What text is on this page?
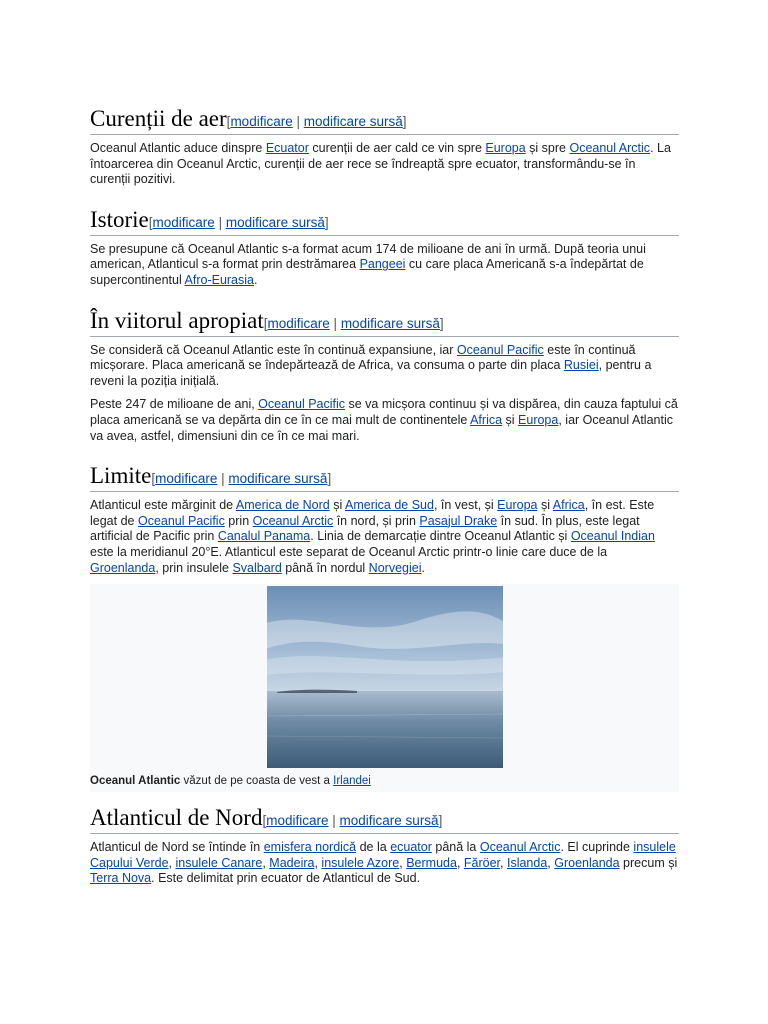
Curenții de aer [modificare | modificare sursă]

Oceanul Atlantic aduce dinspre Ecuator curenții de aer cald ce vin spre Europa și spre Oceanul Arctic. La întoarcerea din Oceanul Arctic, curenții de aer rece se îndreaptă spre ecuator, transformându-se în curenții pozitivi.

Istorie [modificare | modificare sursă]

Se presupune că Oceanul Atlantic s-a format acum 174 de milioane de ani în urmă. După teoria unui american, Atlanticul s-a format prin destrămarea Pangeei cu care placa Americană s-a îndepărtat de supercontinentul Afro-Eurasia.

În viitorul apropiat [modificare | modificare sursă]

Se consideră că Oceanul Atlantic este în continuă expansiune, iar Oceanul Pacific este în continuă micșorare. Placa americană se îndepărtează de Africa, va consuma o parte din placa Rusiei, pentru a reveni la poziția inițială.

Peste 247 de milioane de ani, Oceanul Pacific se va micșora continuu și va dispărea, din cauza faptului că placa americană se va depărta din ce în ce mai mult de continentele Africa și Europa, iar Oceanul Atlantic va avea, astfel, dimensiuni din ce în ce mai mari.

Limite [modificare | modificare sursă]

Atlanticul este mărginit de America de Nord și America de Sud, în vest, și Europa și Africa, în est. Este legat de Oceanul Pacific prin Oceanul Arctic în nord, și prin Pasajul Drake în sud. În plus, este legat artificial de Pacific prin Canalul Panama. Linia de demarcație dintre Oceanul Atlantic și Oceanul Indian este la meridianul 20°E. Atlanticul este separat de Oceanul Arctic printr-o linie care duce de la Groenlanda, prin insulele Svalbard până în nordul Norvegiei.

Oceanul Atlantic văzut de pe coasta de vest a Irlandei
Atlanticul de Nord [modificare | modificare sursă]

Atlanticul de Nord se întinde în emisfera nordică de la ecuator până la Oceanul Arctic. El cuprinde insulele Capului Verde, insulele Canare, Madeira, insulele Azore, Bermuda, Făröer, Islanda, Groenlanda precum și Terra Nova. Este delimitat prin ecuator de Atlanticul de Sud.
